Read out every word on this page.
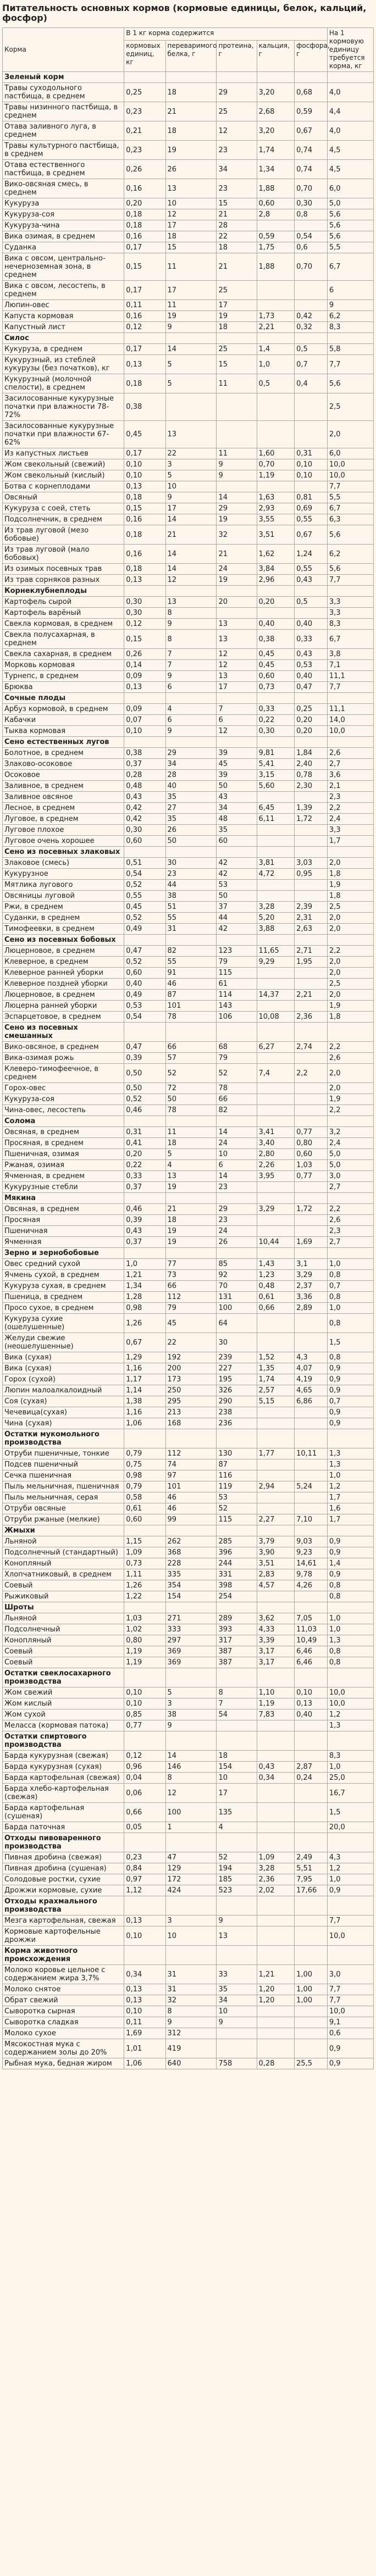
Питательность основных кормов (кормовые единицы, белок, кальций, фосфор)
Корма	В 1 кг корма содержится					На 1 кормовую единицу требуется корма, кг
	кормовых единиц, кг	переваримого белка, г	протеина, г	кальция, г	фосфора, г	
Зеленый корм						
Травы суходольного пастбища, в среднем	0,25	18	29	3,20	0,68	4,0
Травы низинного пастбища, в среднем	0,23	21	25	2,68	0,59	4,4
Отава заливного луга, в среднем	0,21	18	12	3,20	0,67	4,0
Травы культурного пастбища, в среднем	0,23	19	23	1,74	0,74	4,5
Отава естественного пастбища, в среднем	0,26	26	34	1,34	0,74	4,5
Вико-овсяная смесь, в среднем	0,16	13	23	1,88	0,70	6,0
Кукуруза	0,20	10	15	0,60	0,30	5,0
Кукуруза-соя	0,18	12	21	2,8	0,8	5,6
Кукуруза-чина	0,18	17	28			5,6
Вика озимая, в среднем	0,16	18	22	0,59	0,54	5,6
Суданка	0,17	15	18	1,75	0,6	5,5
Вика с овсом, центрально-нечерноземная зона, в среднем	0,15	11	21	1,88	0,70	6,7
Вика с овсом, лесостепь, в среднем	0,17	17	25			6
Люпин-овес	0,11	11	17			9
Капуста кормовая	0,16	19	19	1,73	0,42	6,2
Капустный лист	0,12	9	18	2,21	0,32	8,3
Силос						
Кукуруза, в среднем	0,17	14	25	1,4	0,5	5,8
Кукурузный, из стеблей кукурузы (без початков), кг	0,13	5	15	1,0	0,7	7,7
Кукурузный (молочной спелости), в среднем	0,18	5	11	0,5	0,4	5,6
Засилосованные кукурузные початки при влажности 78-72%	0,38					2,5
Засилосованные кукурузные початки при влажности 67-62%	0,45	13				2,0
Из капустных листьев	0,17	22	11	1,60	0,31	6,0
Жом свекольный (свежий)	0,10	3	9	0,70	0,10	10,0
Жом свекольный (кислый)	0,10	5	9	1,19	0,10	10,0
Ботва с корнеплодами	0,13	10				7,7
Овсяный	0,18	9	14	1,63	0,81	5,5
Кукуруза с соей, стеть	0,15	17	29	2,93	0,69	6,7
Подсолнечник, в среднем	0,16	14	19	3,55	0,55	6,3
Из трав луговой (мезо бобовые)	0,18	21	32	3,51	0,67	5,6
Из трав луговой (мало бобовых)	0,16	14	21	1,62	1,24	6,2
Из озимых посевных трав	0,18	14	24	3,84	0,55	5,6
Из трав сорняков разных	0,13	12	19	2,96	0,43	7,7
Корнеклубнеплоды						
Картофель сырой	0,30	13	20	0,20	0,5	3,3
Картофель варёный	0,30	8				3,3
Свекла кормовая, в среднем	0,12	9	13	0,40	0,40	8,3
Свекла полусахарная, в среднем	0,15	8	13	0,38	0,33	6,7
Свекла сахарная, в среднем	0,26	7	12	0,45	0,43	3,8
Морковь кормовая	0,14	7	12	0,45	0,53	7,1
Турнепс, в среднем	0,09	9	13	0,60	0,40	11,1
Брюква	0,13	6	17	0,73	0,47	7,7
Сочные плоды						
Арбуз кормовой, в среднем	0,09	4	7	0,33	0,25	11,1
Кабачки	0,07	6	6	0,22	0,20	14,0
Тыква кормовая	0,10	9	12	0,30	0,20	10,0
Сено естественных лугов						
Болотное, в среднем	0,38	29	39	9,81	1,84	2,6
Злаково-осоковое	0,37	34	45	5,41	2,40	2,7
Осоковое	0,28	28	39	3,15	0,78	3,6
Заливное, в среднем	0,48	40	50	5,60	2,30	2,1
Заливное овсяное	0,43	35	43			2,3
Лесное, в среднем	0,42	27	34	6,45	1,39	2,2
Луговое, в среднем	0,42	35	48	6,11	1,72	2,4
Луговое плохое	0,30	26	35			3,3
Луговое очень хорошее	0,60	50	60			1,7
Сено из посевных злаковых						
Злаковое (смесь)	0,51	30	42	3,81	3,03	2,0
Кукурузное	0,54	23	42	4,72	0,95	1,8
Мятлика лугового	0,52	44	53			1,9
Овсяницы луговой	0,55	38	50			1,8
Ржи, в среднем	0,45	51	37	3,28	2,39	2,5
Суданки, в среднем	0,52	55	44	5,20	2,31	2,0
Тимофеевки, в среднем	0,49	31	42	3,88	2,63	2,0
Сено из посевных бобовых						
Люцерновое, в среднем	0,47	82	123	11,65	2,71	2,2
Клеверное, в среднем	0,52	55	79	9,29	1,95	2,0
Клеверное ранней уборки	0,60	91	115			2,0
Клеверное поздней уборки	0,40	46	61			2,5
Люцерновое, в среднем	0,49	87	114	14,37	2,21	2,0
Люцерна ранней уборки	0,53	101	143			1,9
Эспарцетовое, в среднем	0,54	78	106	10,08	2,36	1,8
Сено из посевных смешанных						
Вико-овсяное, в среднем	0,47	66	68	6,27	2,74	2,2
Вика-озимая рожь	0,39	57	79			2,6
Клеверо-тимофеечное, в среднем	0,50	52	52	7,4	2,2	2,0
Горох-овес	0,50	72	78			2,0
Кукуруза-соя	0,52	50	66			1,9
Чина-овес, лесостепь	0,46	78	82			2,2
Солома						
Овсяная, в среднем	0,31	11	14	3,41	0,77	3,2
Просяная, в среднем	0,41	18	24	3,40	0,80	2,4
Пшеничная, озимая	0,20	5	10	2,80	0,60	5,0
Ржаная, озимая	0,22	4	6	2,26	1,03	5,0
Ячменная, в среднем	0,33	13	14	3,95	0,77	3,0
Кукурузные стебли	0,37	19	23			2,7
Мякина						
Овсяная, в среднем	0,46	21	29	3,29	1,72	2,2
Просяная	0,39	18	23			2,6
Пшеничная	0,43	19	24			2,3
Ячменная	0,37	19	26	10,44	1,69	2,7
Зерно и зернобобовые						
Овес средний сухой	1,0	77	85	1,43	3,1	1,0
Ячмень сухой, в среднем	1,21	73	92	1,23	3,29	0,8
Кукуруза сухая, в среднем	1,34	66	70	0,48	2,37	0,7
Пшеница, в среднем	1,28	112	131	0,61	3,36	0,8
Просо сухое, в среднем	0,98	79	100	0,66	2,89	1,0
Кукуруза сухие (ошелушенные)	1,26	45	64			0,8
Желуди свежие (неошелушенные)	0,67	22	30			1,5
Вика (сухая)	1,29	192	239	1,52	4,3	0,8
Вика (сухая)	1,16	200	227	1,35	4,07	0,9
Горох (сухой)	1,17	173	195	1,74	4,19	0,9
Люпин малоалкалоидный	1,14	250	326	2,57	4,65	0,9
Соя (сухая)	1,38	295	290	5,15	6,86	0,7
Чечевица(сухая)	1,16	213	238			0,9
Чина (сухая)	1,06	168	236			0,9
Остатки мукомольного производства						
Отруби пшеничные, тонкие	0,79	112	130	1,77	10,11	1,3
Подсев пшеничный	0,75	74	87			1,3
Сечка пшеничная	0,98	97	116			1,0
Пыль мельничная, пшеничная	0,79	101	119	2,94	5,24	1,2
Пыль мельничная, серая	0,58	46	53			1,7
Отруби овсяные	0,61	46	52			1,6
Отруби ржаные (мелкие)	0,60	99	115	2,27	7,10	1,7
Жмыхи						
Льняной	1,15	262	285	3,79	9,03	0,9
Подсолнечный (стандартный)	1,09	368	396	3,90	9,23	0,9
Конопляный	0,73	228	244	3,51	14,61	1,4
Хлопчатниковый, в среднем	1,11	335	331	2,83	9,78	0,9
Соевый	1,26	354	398	4,57	4,26	0,8
Рыжиковый	1,22	154	254			0,8
Шроты						
Льняной	1,03	271	289	3,62	7,05	1,0
Подсолнечный	1,02	333	393	4,33	11,03	1,0
Конопляный	0,80	297	317	3,39	10,49	1,3
Соевый	1,19	369	387	3,17	6,46	0,8
Соевый	1,19	369	387	3,17	6,46	0,8
Остатки свеклосахарного производства						
Жом свежий	0,10	5	8	1,10	0,10	10,0
Жом кислый	0,10	3	7	1,19	0,13	10,0
Жом сухой	0,85	38	54	7,83	0,40	1,2
Меласса (кормовая патока)	0,77	9				1,3
Остатки спиртового производства						
Барда кукурузная (свежая)	0,12	14	18			8,3
Барда кукурузная (сухая)	0,96	146	154	0,43	2,87	1,0
Барда картофельная (свежая)	0,04	8	10	0,34	0,24	25,0
Барда хлебо-картофельная (свежая)	0,06	12	17			16,7
Барда картофельная (сушеная)	0,66	100	135			1,5
Барда паточная	0,05	1	4			20,0
Отходы пивоваренного производства						
Пивная дробина (свежая)	0,23	47	52	1,09	2,49	4,3
Пивная дробина (сушеная)	0,84	129	194	3,28	5,51	1,2
Солодовые ростки, сухие	0,97	172	185	2,36	7,95	1,0
Дрожжи кормовые, сухие	1,12	424	523	2,02	17,66	0,9
Отходы крахмального производства						
Мезга картофельная, свежая	0,13	3	9			7,7
Кормовые картофельные дрожжи	0,10	10	13			10,0
Корма животного происхождения						
Молоко коровье цельное с содержанием жира 3,7%	0,34	31	33	1,21	1,00	3,0
Молоко снятое	0,13	31	35	1,20	1,00	7,7
Обрат свежий	0,13	32	34	1,20	1,00	7,7
Сыворотка сырная	0,10	8	10			10,0
Сыворотка сладкая	0,11	9	9			9,1
Молоко сухое	1,69	312				0,6
Мясокостная мука с содержанием золы до 20%	1,01	419				0,9
Рыбная мука, бедная жиром	1,06	640	758	0,28	25,5	0,9
